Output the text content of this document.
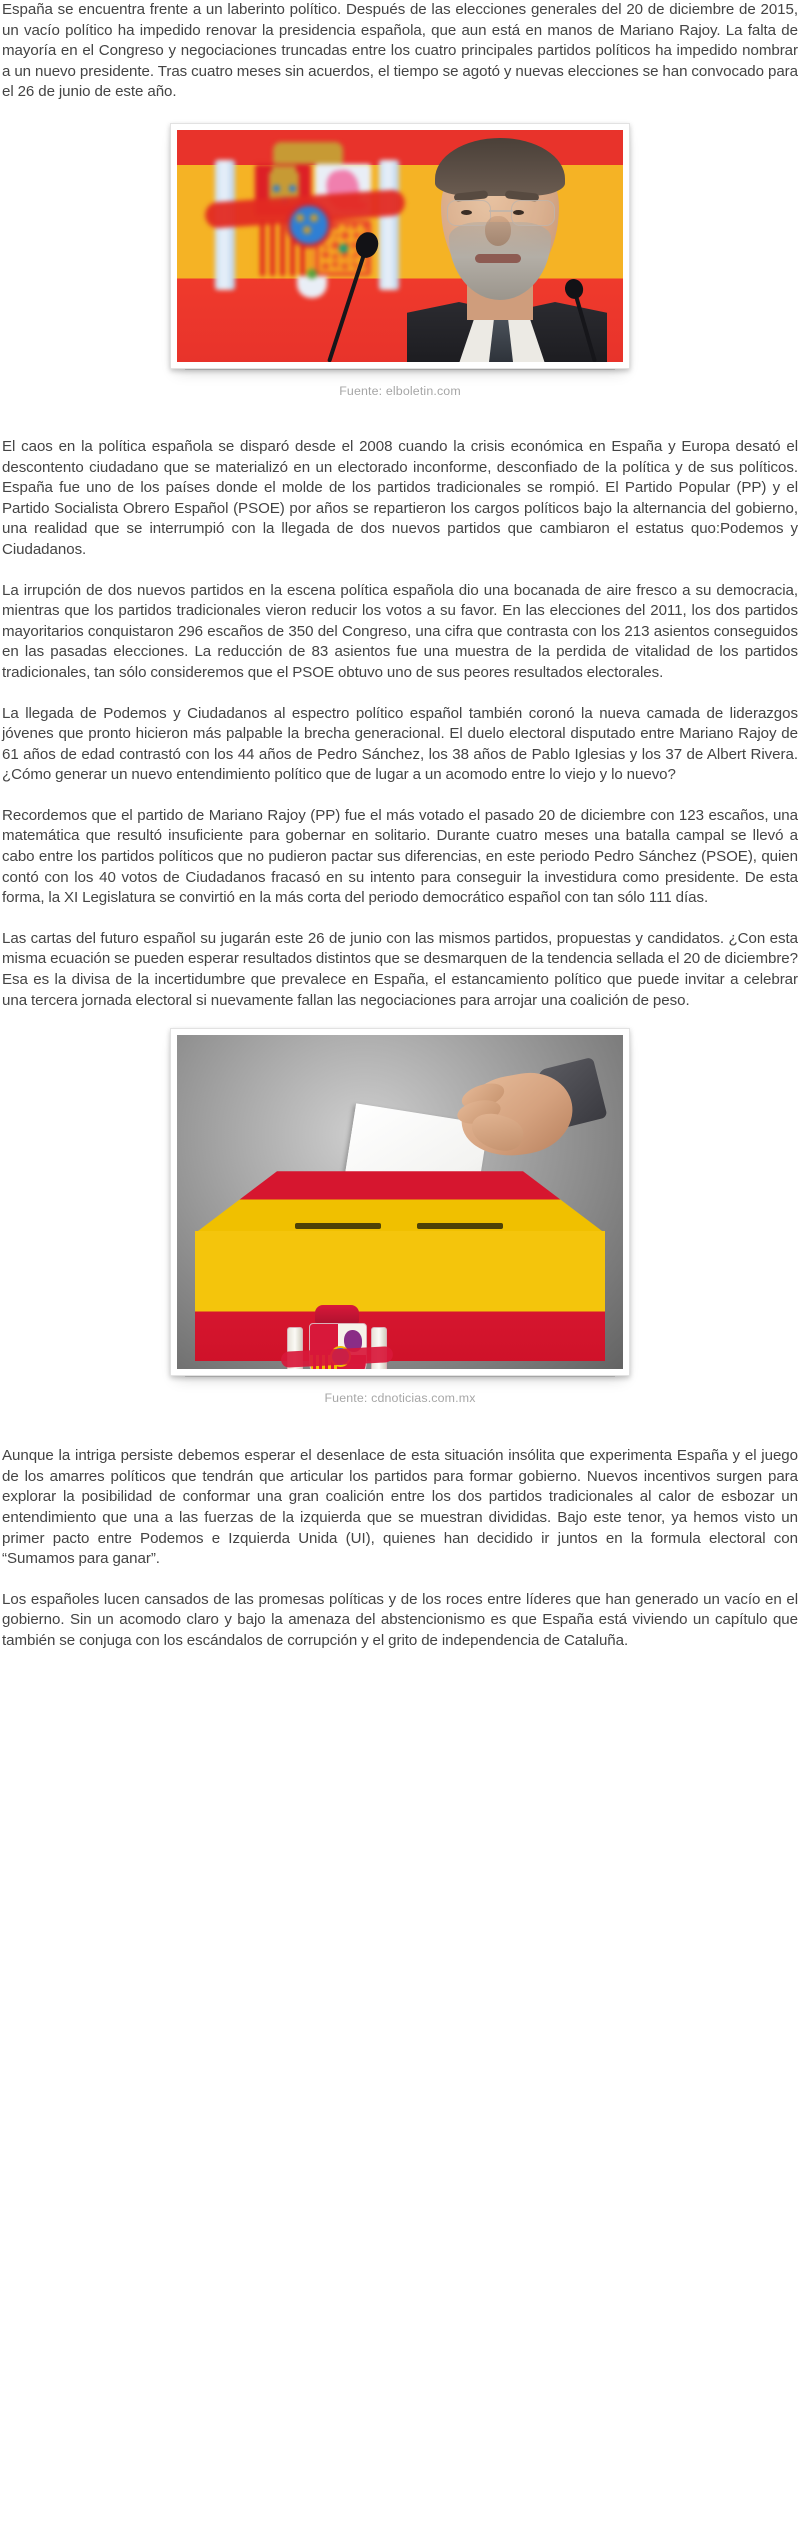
España se encuentra frente a un laberinto político. Después de las elecciones generales del 20 de diciembre de 2015, un vacío político ha impedido renovar la presidencia española, que aun está en manos de Mariano Rajoy. La falta de mayoría en el Congreso y negociaciones truncadas entre los cuatro principales partidos políticos ha impedido nombrar a un nuevo presidente. Tras cuatro meses sin acuerdos, el tiempo se agotó y nuevas elecciones se han convocado para el 26 de junio de este año.

Fuente: elboletin.com

El caos en la política española se disparó desde el 2008 cuando la crisis económica en España y Europa desató el descontento ciudadano que se materializó en un electorado inconforme, desconfiado de la política y de sus políticos. España fue uno de los países donde el molde de los partidos tradicionales se rompió. El Partido Popular (PP) y el Partido Socialista Obrero Español (PSOE) por años se repartieron los cargos políticos bajo la alternancia del gobierno, una realidad que se interrumpió con la llegada de dos nuevos partidos que cambiaron el estatus quo:Podemos y Ciudadanos.

La irrupción de dos nuevos partidos en la escena política española dio una bocanada de aire fresco a su democracia, mientras que los partidos tradicionales vieron reducir los votos a su favor. En las elecciones del 2011, los dos partidos mayoritarios conquistaron 296 escaños de 350 del Congreso, una cifra que contrasta con los 213 asientos conseguidos en las pasadas elecciones. La reducción de 83 asientos fue una muestra de la perdida de vitalidad de los partidos tradicionales, tan sólo consideremos que el PSOE obtuvo uno de sus peores resultados electorales.

La llegada de Podemos y Ciudadanos al espectro político español también coronó la nueva camada de liderazgos jóvenes que pronto hicieron más palpable la brecha generacional. El duelo electoral disputado entre Mariano Rajoy de 61 años de edad contrastó con los 44 años de Pedro Sánchez, los 38 años de Pablo Iglesias y los 37 de Albert Rivera. ¿Cómo generar un nuevo entendimiento político que de lugar a un acomodo entre lo viejo y lo nuevo?

Recordemos que el partido de Mariano Rajoy (PP) fue el más votado el pasado 20 de diciembre con 123 escaños, una matemática que resultó insuficiente para gobernar en solitario. Durante cuatro meses una batalla campal se llevó a cabo entre los partidos políticos que no pudieron pactar sus diferencias, en este periodo Pedro Sánchez (PSOE), quien contó con los 40 votos de Ciudadanos fracasó en su intento para conseguir la investidura como presidente. De esta forma, la XI Legislatura se convirtió en la más corta del periodo democrático español con tan sólo 111 días.

Las cartas del futuro español su jugarán este 26 de junio con las mismos partidos, propuestas y candidatos. ¿Con esta misma ecuación se pueden esperar resultados distintos que se desmarquen de la tendencia sellada el 20 de diciembre? Esa es la divisa de la incertidumbre que prevalece en España, el estancamiento político que puede invitar a celebrar una tercera jornada electoral si nuevamente fallan las negociaciones para arrojar una coalición de peso.

Fuente: cdnoticias.com.mx

Aunque la intriga persiste debemos esperar el desenlace de esta situación insólita que experimenta España y el juego de los amarres políticos que tendrán que articular los partidos para formar gobierno. Nuevos incentivos surgen para explorar la posibilidad de conformar una gran coalición entre los dos partidos tradicionales al calor de esbozar un entendimiento que una a las fuerzas de la izquierda que se muestran divididas. Bajo este tenor, ya hemos visto un primer pacto entre Podemos e Izquierda Unida (UI), quienes han decidido ir juntos en la formula electoral con “Sumamos para ganar”.

Los españoles lucen cansados de las promesas políticas y de los roces entre líderes que han generado un vacío en el gobierno. Sin un acomodo claro y bajo la amenaza del abstencionismo es que España está viviendo un capítulo que también se conjuga con los escándalos de corrupción y el grito de independencia de Cataluña.
